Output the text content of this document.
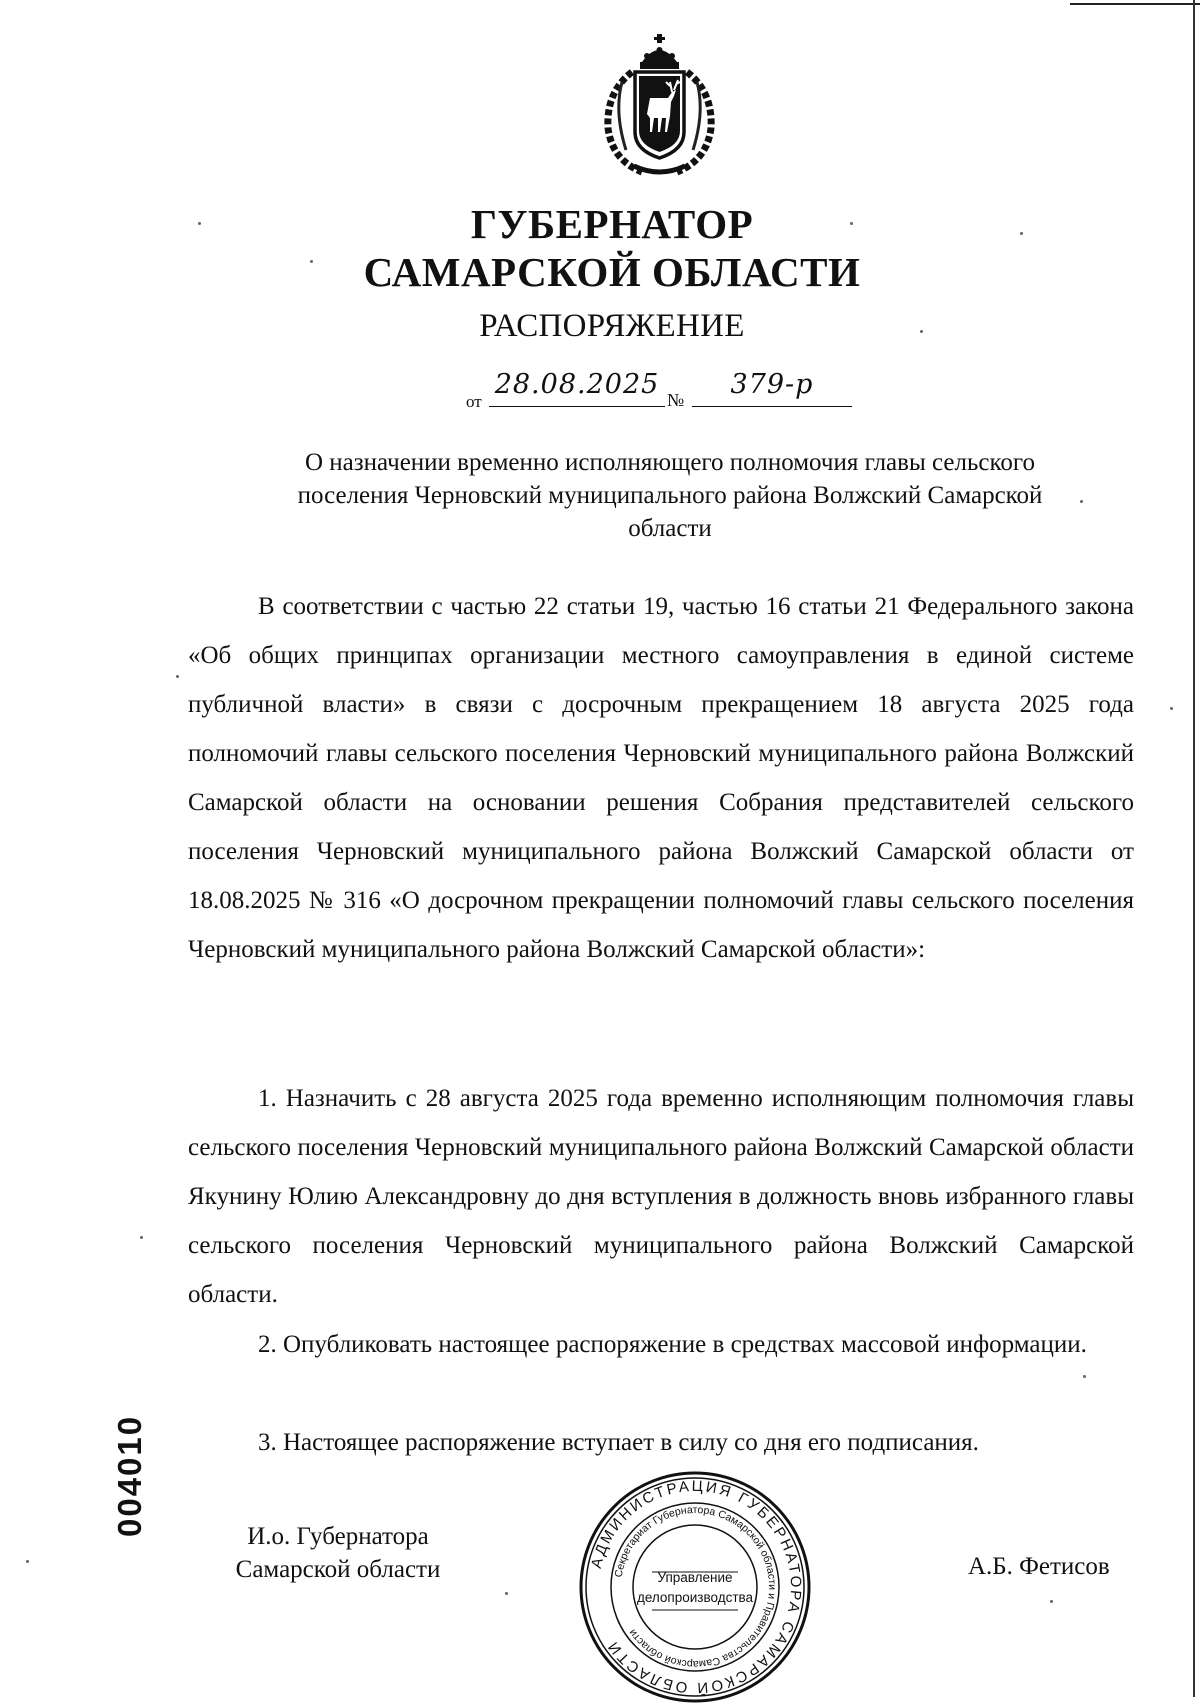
ГУБЕРНАТОР
САМАРСКОЙ ОБЛАСТИ
РАСПОРЯЖЕНИЕ
от
28.08.2025 №	379-р
О назначении временно исполняющего полномочия главы сельского поселения Черновский муниципального района Волжский Самарской области

В соответствии с частью 22 статьи 19, частью 16 статьи 21 Федерального закона «Об общих принципах организации местного самоуправления в единой системе публичной власти» в связи с досрочным прекращением 18 августа 2025 года полномочий главы сельского поселения Черновский муниципального района Волжский Самарской области на основании решения Собрания представителей сельского поселения Черновский муниципального района Волжский Самарской области от 18.08.2025 № 316 «О досрочном прекращении полномочий главы сельского поселения Черновский муниципального района Волжский Самарской области»:

1. Назначить с 28 августа 2025 года временно исполняющим полномочия главы сельского поселения Черновский муниципального района Волжский Самарской области Якунину Юлию Александровну до дня вступления в должность вновь избранного главы сельского поселения Черновский муниципального района Волжский Самарской области.

2. Опубликовать настоящее распоряжение в средствах массовой информации.

3. Настоящее распоряжение вступает в силу со дня его подписания.

004010	И.о. Губернатора
Самарской области	А.Б. Фетисов
АДМИНИСТРАЦИЯ ГУБЕРНАТОРА САМАРСКОЙ ОБЛАСТИ
Секретариат Губернатора Самарской области и Правительства Самарской области
Управление
делопроизводства
